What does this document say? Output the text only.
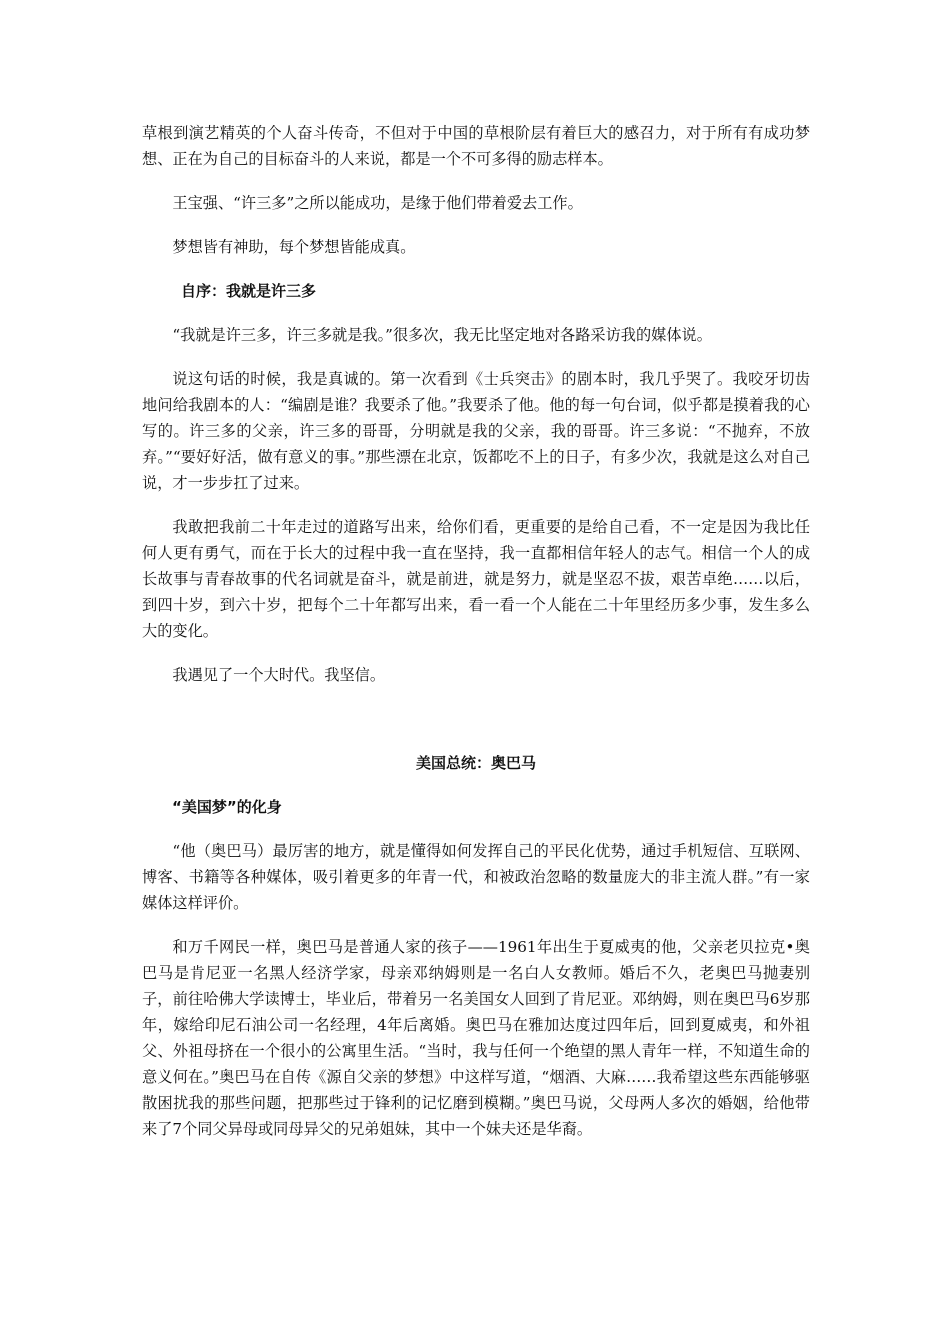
草根到演艺精英的个人奋斗传奇，不但对于中国的草根阶层有着巨大的感召力，对于所有有成功梦想、正在为自己的目标奋斗的人来说，都是一个不可多得的励志样本。

王宝强、“许三多”之所以能成功，是缘于他们带着爱去工作。

梦想皆有神助，每个梦想皆能成真。

自序：我就是许三多

“我就是许三多，许三多就是我。”很多次，我无比坚定地对各路采访我的媒体说。

说这句话的时候，我是真诚的。第一次看到《士兵突击》的剧本时，我几乎哭了。我咬牙切齿地问给我剧本的人：“编剧是谁？我要杀了他。”我要杀了他。他的每一句台词，似乎都是摸着我的心写的。许三多的父亲，许三多的哥哥，分明就是我的父亲，我的哥哥。许三多说：“不抛弃，不放弃。”“要好好活，做有意义的事。”那些漂在北京，饭都吃不上的日子，有多少次，我就是这么对自己说，才一步步扛了过来。

我敢把我前二十年走过的道路写出来，给你们看，更重要的是给自己看，不一定是因为我比任何人更有勇气，而在于长大的过程中我一直在坚持，我一直都相信年轻人的志气。相信一个人的成长故事与青春故事的代名词就是奋斗，就是前进，就是努力，就是坚忍不拔，艰苦卓绝……以后，到四十岁，到六十岁，把每个二十年都写出来，看一看一个人能在二十年里经历多少事，发生多么大的变化。

我遇见了一个大时代。我坚信。

美国总统：奥巴马

“美国梦”的化身

“他（奥巴马）最厉害的地方，就是懂得如何发挥自己的平民化优势，通过手机短信、互联网、博客、书籍等各种媒体，吸引着更多的年青一代，和被政治忽略的数量庞大的非主流人群。”有一家媒体这样评价。

和万千网民一样，奥巴马是普通人家的孩子——1961年出生于夏威夷的他，父亲老贝拉克•奥巴马是肯尼亚一名黑人经济学家，母亲邓纳姆则是一名白人女教师。婚后不久，老奥巴马抛妻别子，前往哈佛大学读博士，毕业后，带着另一名美国女人回到了肯尼亚。邓纳姆，则在奥巴马6岁那年，嫁给印尼石油公司一名经理，4年后离婚。奥巴马在雅加达度过四年后，回到夏威夷，和外祖父、外祖母挤在一个很小的公寓里生活。“当时，我与任何一个绝望的黑人青年一样，不知道生命的意义何在。”奥巴马在自传《源自父亲的梦想》中这样写道，“烟酒、大麻……我希望这些东西能够驱散困扰我的那些问题，把那些过于锋利的记忆磨到模糊。”奥巴马说，父母两人多次的婚姻，给他带来了7个同父异母或同母异父的兄弟姐妹，其中一个妹夫还是华裔。
